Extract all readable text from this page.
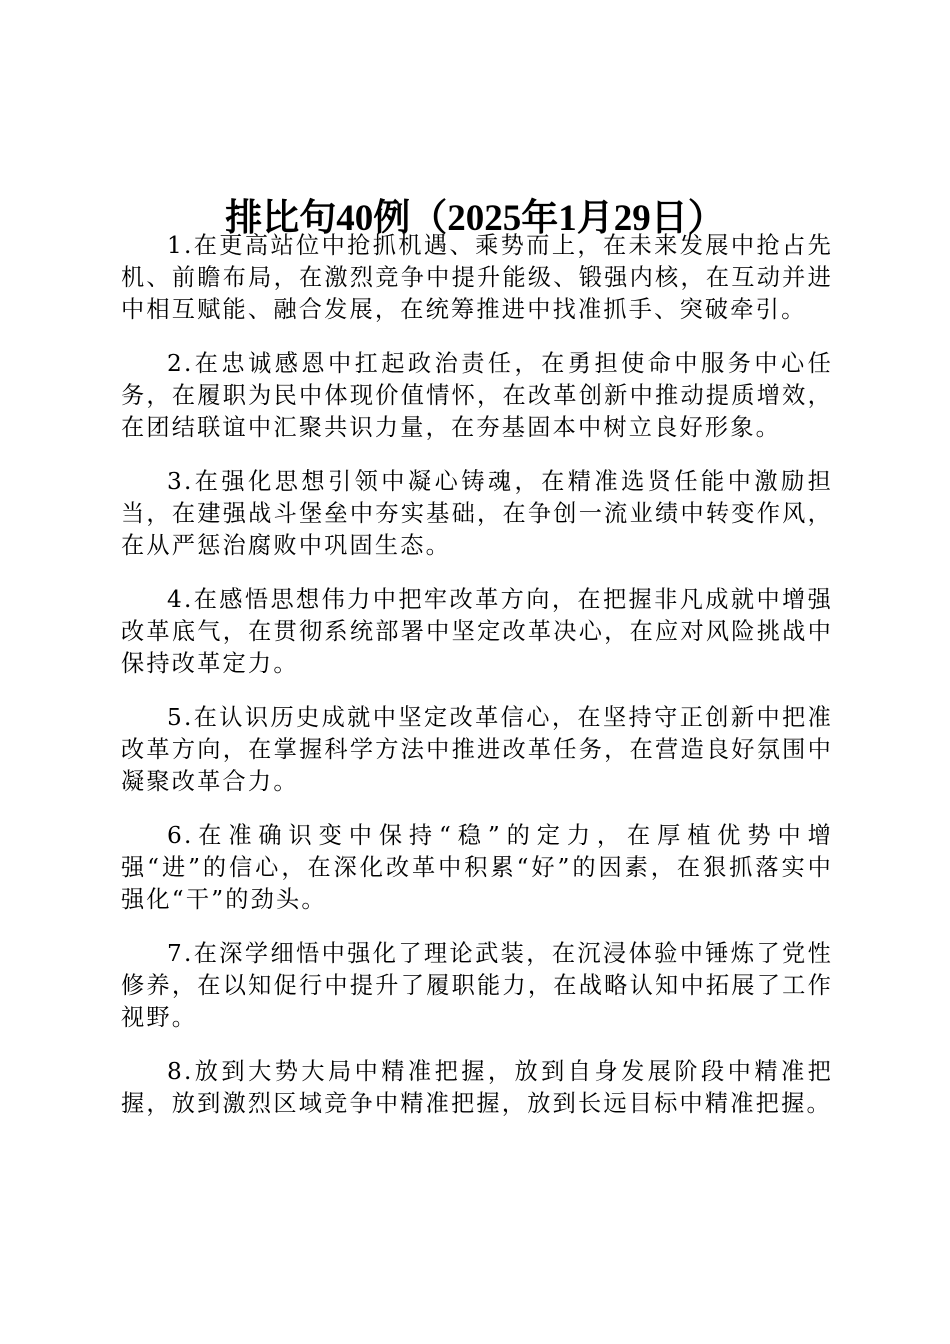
排比句40例（2025年1月29日）

1.在更高站位中抢抓机遇、乘势而上，在未来发展中抢占先机、前瞻布局，在激烈竞争中提升能级、锻强内核，在互动并进中相互赋能、融合发展，在统筹推进中找准抓手、突破牵引。

2.在忠诚感恩中扛起政治责任，在勇担使命中服务中心任务，在履职为民中体现价值情怀，在改革创新中推动提质增效，在团结联谊中汇聚共识力量，在夯基固本中树立良好形象。

3.在强化思想引领中凝心铸魂，在精准选贤任能中激励担当，在建强战斗堡垒中夯实基础，在争创一流业绩中转变作风，在从严惩治腐败中巩固生态。

4.在感悟思想伟力中把牢改革方向，在把握非凡成就中增强改革底气，在贯彻系统部署中坚定改革决心，在应对风险挑战中保持改革定力。

5.在认识历史成就中坚定改革信心，在坚持守正创新中把准改革方向，在掌握科学方法中推进改革任务，在营造良好氛围中凝聚改革合力。

6.在准确识变中保持“稳”的定力，在厚植优势中增强“进”的信心，在深化改革中积累“好”的因素，在狠抓落实中强化“干”的劲头。

7.在深学细悟中强化了理论武装，在沉浸体验中锤炼了党性修养，在以知促行中提升了履职能力，在战略认知中拓展了工作视野。

8.放到大势大局中精准把握，放到自身发展阶段中精准把握，放到激烈区域竞争中精准把握，放到长远目标中精准把握。
